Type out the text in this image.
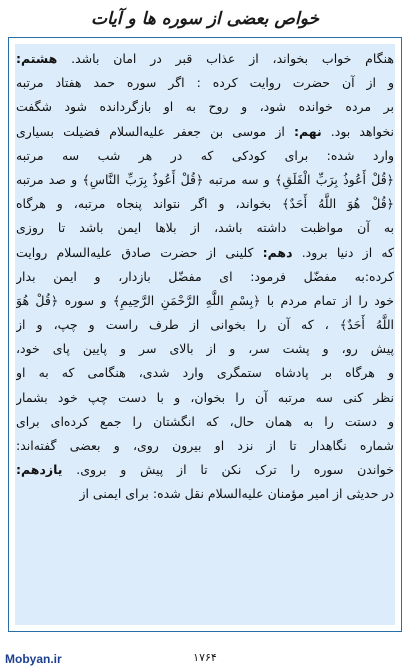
خواص بعضی از سوره ها و آیات
هنگام خواب بخواند، از عذاب قبر در امان باشد. هشتم:
و از آن حضرت روایت کرده : اگر سوره حمد هفتاد مرتبه
بر مرده خوانده شود، و روح به او بازگردانده شود شگفت
نخواهد بود. نهم: از موسی بن جعفر علیه‌السلام فضیلت بسیاری
وارد شده: برای کودکی که در هر شب سه مرتبه
﴿قُلْ أَعُوذُ بِرَبِّ الْفَلَقِ﴾ و سه مرتبه ﴿قُلْ أَعُوذُ بِرَبِّ النَّاسِ﴾ و صد مرتبه
﴿قُلْ هُوَ اللَّهُ أَحَدٌ﴾ بخواند، و اگر نتواند پنجاه مرتبه، و هرگاه
به آن مواظبت داشته باشد، از بلاها ایمن باشد تا روزی
که از دنیا برود. دهم: کلینی از حضرت صادق علیه‌السلام روایت
کرده:به مفضّل فرمود: ای مفضّل بازدار، و ایمن بدار
خود را از تمام مردم با ﴿بِسْمِ اللَّهِ الرَّحْمَنِ الرَّحِيمِ﴾ و سوره ﴿قُلْ هُوَ
اللَّهُ أَحَدٌ﴾ ، که آن را بخوانی از طرف راست و چپ، و از
پیش رو، و پشت سر، و از بالای سر و پایین پای خود،
و هرگاه بر پادشاه ستمگری وارد شدی، هنگامی که به او
نظر کنی سه مرتبه آن را بخوان، و با دست چپ خود بشمار
و دستت را به همان حال، که انگشتان را جمع کرده‌ای برای
شماره نگاهدار تا از نزد او بیرون روی، و بعضی گفته‌اند:
خواندن سوره را ترک نکن تا از پیش و بروی. یازدهم:
در حدیثی از امیر مؤمنان علیه‌السلام نقل شده: برای ایمنی از
Mobyan.ir	۱۷۶۴
